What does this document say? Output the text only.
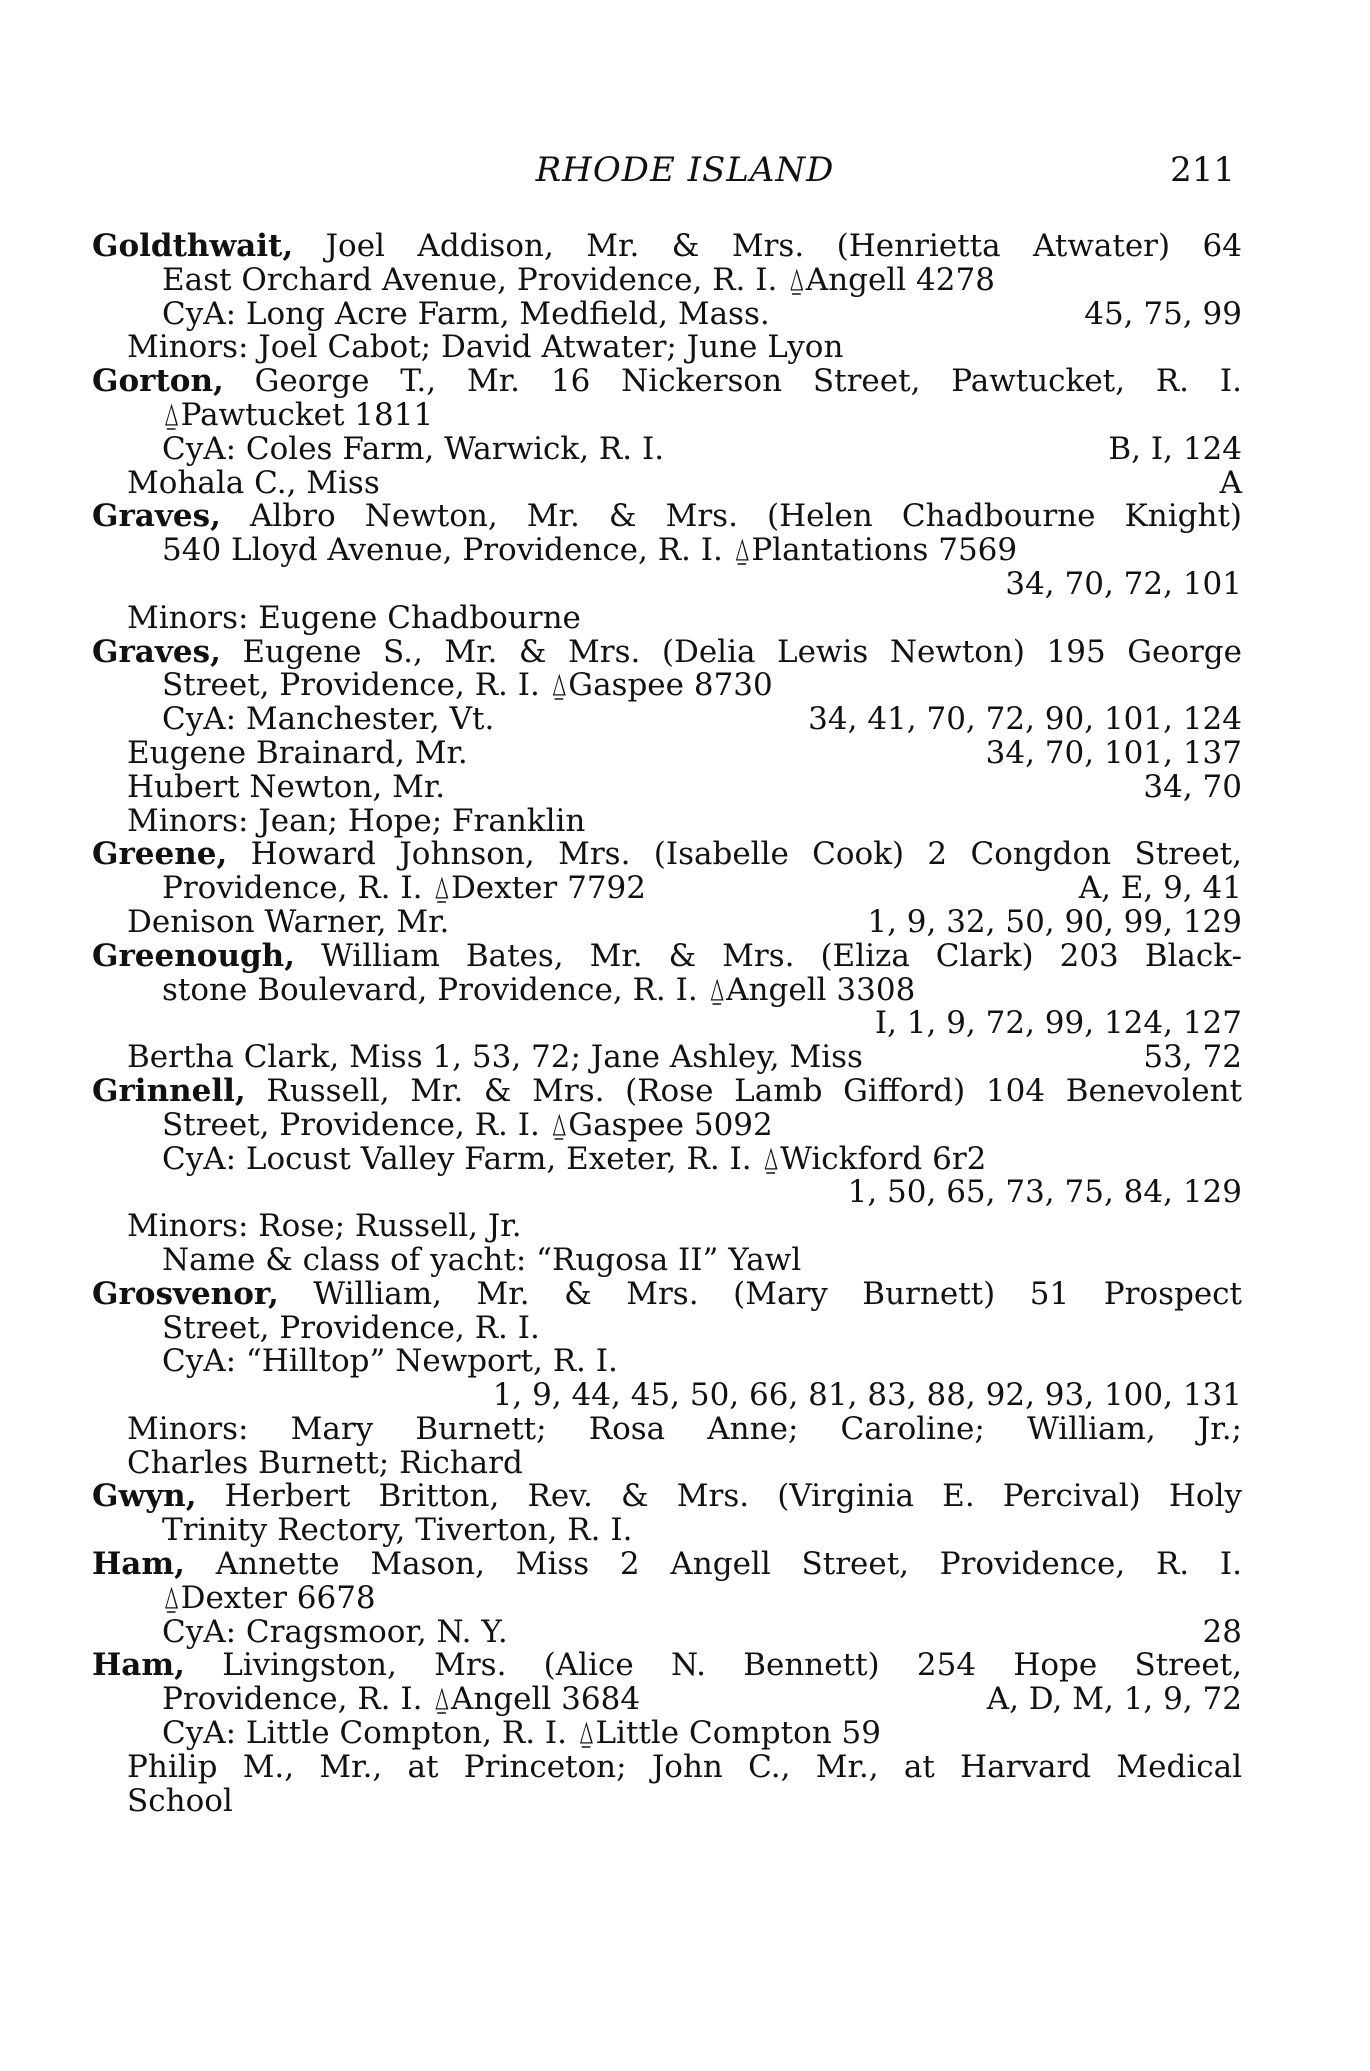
RHODE ISLAND	211
Goldthwait, Joel Addison, Mr. & Mrs. (Henrietta Atwater) 64
East Orchard Avenue, Providence, R. I. ⍙Angell 4278
CyA: Long Acre Farm, Medfield, Mass.	45, 75, 99
Minors: Joel Cabot; David Atwater; June Lyon
Gorton, George T., Mr. 16 Nickerson Street, Pawtucket, R. I.
⍙Pawtucket 1811
CyA: Coles Farm, Warwick, R. I.	B, I, 124
Mohala C., Miss	A
Graves, Albro Newton, Mr. & Mrs. (Helen Chadbourne Knight)
540 Lloyd Avenue, Providence, R. I. ⍙Plantations 7569
34, 70, 72, 101
Minors: Eugene Chadbourne
Graves, Eugene S., Mr. & Mrs. (Delia Lewis Newton) 195 George
Street, Providence, R. I. ⍙Gaspee 8730
CyA: Manchester, Vt.	34, 41, 70, 72, 90, 101, 124
Eugene Brainard, Mr.	34, 70, 101, 137
Hubert Newton, Mr.	34, 70
Minors: Jean; Hope; Franklin
Greene, Howard Johnson, Mrs. (Isabelle Cook) 2 Congdon Street,
Providence, R. I. ⍙Dexter 7792	A, E, 9, 41
Denison Warner, Mr.	1, 9, 32, 50, 90, 99, 129
Greenough, William Bates, Mr. & Mrs. (Eliza Clark) 203 Black-
stone Boulevard, Providence, R. I. ⍙Angell 3308
I, 1, 9, 72, 99, 124, 127
Bertha Clark, Miss 1, 53, 72; Jane Ashley, Miss	53, 72
Grinnell, Russell, Mr. & Mrs. (Rose Lamb Gifford) 104 Benevolent
Street, Providence, R. I. ⍙Gaspee 5092
CyA: Locust Valley Farm, Exeter, R. I. ⍙Wickford 6r2
1, 50, 65, 73, 75, 84, 129
Minors: Rose; Russell, Jr.
Name & class of yacht: “Rugosa II” Yawl
Grosvenor, William, Mr. & Mrs. (Mary Burnett) 51 Prospect
Street, Providence, R. I.
CyA: “Hilltop” Newport, R. I.
1, 9, 44, 45, 50, 66, 81, 83, 88, 92, 93, 100, 131
Minors: Mary Burnett; Rosa Anne; Caroline; William, Jr.;
Charles Burnett; Richard
Gwyn, Herbert Britton, Rev. & Mrs. (Virginia E. Percival) Holy
Trinity Rectory, Tiverton, R. I.
Ham, Annette Mason, Miss 2 Angell Street, Providence, R. I.
⍙Dexter 6678
CyA: Cragsmoor, N. Y.	28
Ham, Livingston, Mrs. (Alice N. Bennett) 254 Hope Street,
Providence, R. I. ⍙Angell 3684	A, D, M, 1, 9, 72
CyA: Little Compton, R. I. ⍙Little Compton 59
Philip M., Mr., at Princeton; John C., Mr., at Harvard Medical
School
